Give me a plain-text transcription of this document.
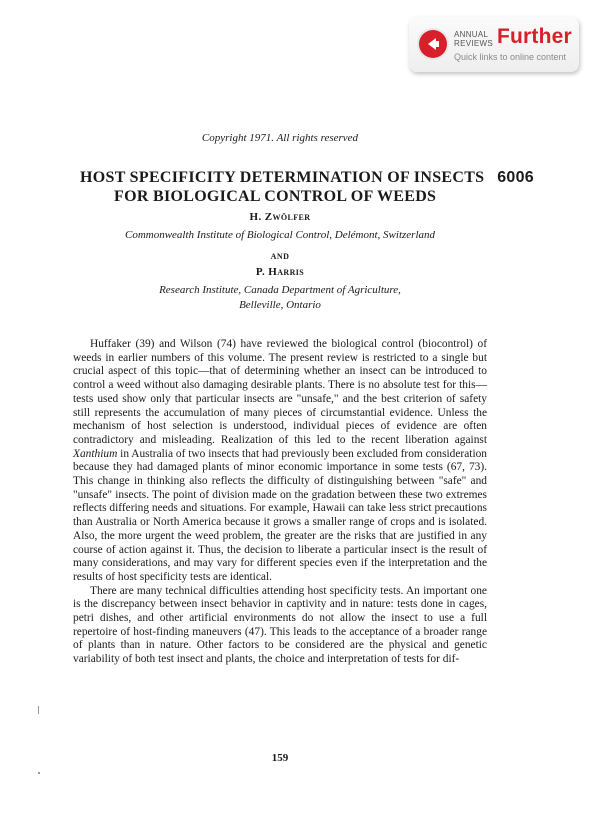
ANNUAL
REVIEWS Further
Quick links to online content
Copyright 1971. All rights reserved
HOST SPECIFICITY DETERMINATION OF INSECTS
FOR BIOLOGICAL CONTROL OF WEEDS
6006
H. Zwölfer
Commonwealth Institute of Biological Control, Delémont, Switzerland
AND
P. Harris
Research Institute, Canada Department of Agriculture,
Belleville, Ontario

Huffaker (39) and Wilson (74) have reviewed the biological control (biocontrol) of weeds in earlier numbers of this volume. The present review is restricted to a single but crucial aspect of this topic—that of determining whether an insect can be introduced to control a weed without also damaging desirable plants. There is no absolute test for this—tests used show only that particular insects are "unsafe," and the best criterion of safety still represents the accumulation of many pieces of circumstantial evidence. Unless the mechanism of host selection is understood, individual pieces of evidence are often contradictory and misleading. Realization of this led to the recent liberation against Xanthium in Australia of two insects that had previously been excluded from consideration because they had damaged plants of minor economic importance in some tests (67, 73). This change in thinking also reflects the difficulty of distinguishing between "safe" and "unsafe" insects. The point of division made on the gradation between these two extremes reflects differing needs and situations. For example, Hawaii can take less strict precautions than Australia or North America because it grows a smaller range of crops and is isolated. Also, the more urgent the weed problem, the greater are the risks that are justified in any course of action against it. Thus, the decision to liberate a particular insect is the result of many considerations, and may vary for different species even if the interpretation and the results of host specificity tests are identical.

There are many technical difficulties attending host specificity tests. An important one is the discrepancy between insect behavior in captivity and in nature: tests done in cages, petri dishes, and other artificial environments do not allow the insect to use a full repertoire of host-finding maneuvers (47). This leads to the acceptance of a broader range of plants than in nature. Other factors to be considered are the physical and genetic variability of both test insect and plants, the choice and interpretation of tests for dif-

159
